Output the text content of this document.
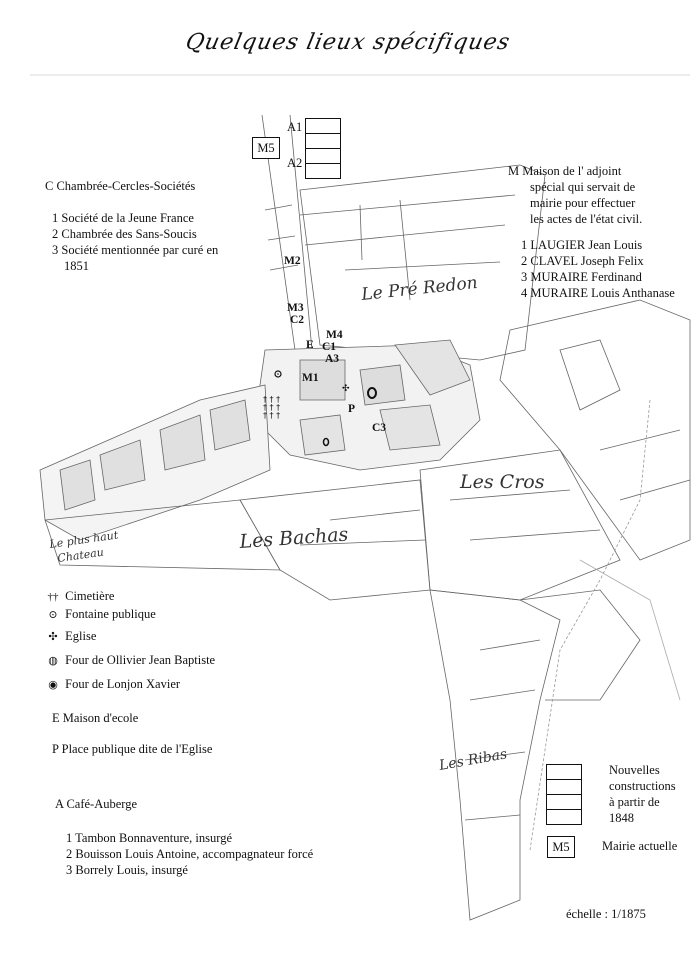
Quelques lieux spécifiques
Le Pré Redon
Les Cros
Les Bachas
Le plus haut
Chateau
Les Ribas
M2
M3
C2
M4
E C1
A3
M1
P
C3
† † †
† † †
† † †
✣
A1
A2
M5
C Chambrée-Cercles-Sociétés
1 Société de la Jeune France
2 Chambrée des Sans-Soucis
3 Société mentionnée par curé en
1851
M Maison de l' adjoint
spécial qui servait de
mairie pour effectuer
les actes de l'état civil.
1 LAUGIER Jean Louis
2 CLAVEL Joseph Felix
3 MURAIRE Ferdinand
4 MURAIRE Louis Anthanase
†† Cimetière
⊙ Fontaine publique
✣ Eglise
◍ Four de Ollivier Jean Baptiste
◉ Four de Lonjon Xavier
E Maison d'ecole
P Place publique dite de l'Eglise
A Café-Auberge
1 Tambon Bonnaventure, insurgé
2 Bouisson Louis Antoine, accompagnateur forcé
3 Borrely Louis, insurgé
Nouvelles
constructions
à partir de
1848
M5	Mairie actuelle
échelle : 1/1875
